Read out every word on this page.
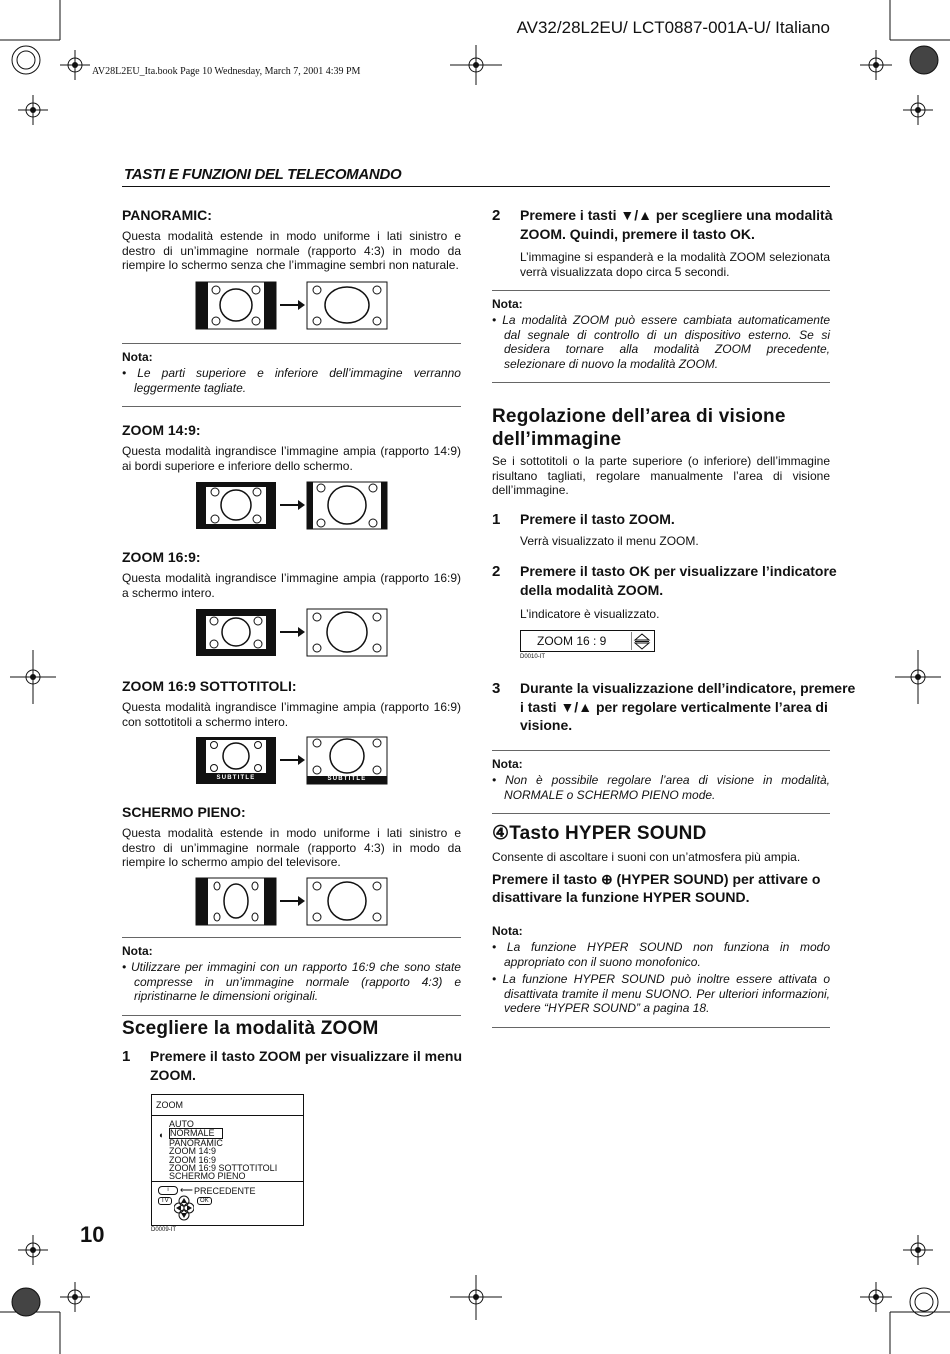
AV32/28L2EU/ LCT0887-001A-U/ Italiano
AV28L2EU_Ita.book Page 10 Wednesday, March 7, 2001 4:39 PM
TASTI E FUNZIONI DEL TELECOMANDO
PANORAMIC:

Questa modalità estende in modo uniforme i lati sinistro e destro di un’immagine normale (rapporto 4:3) in modo da riempire lo schermo senza che l’immagine sembri non naturale.

Nota:
• Le parti superiore e inferiore dell’immagine verranno leggermente tagliate.
ZOOM 14:9:

Questa modalità ingrandisce l’immagine ampia (rapporto 14:9) ai bordi superiore e inferiore dello schermo.

ZOOM 16:9:

Questa modalità ingrandisce l’immagine ampia (rapporto 16:9) a schermo intero.

ZOOM 16:9 SOTTOTITOLI:

Questa modalità ingrandisce l’immagine ampia (rapporto 16:9) con sottotitoli a schermo intero.

SUBTITLE	SUBTITLE
SCHERMO PIENO:

Questa modalità estende in modo uniforme i lati sinistro e destro di un’immagine normale (rapporto 4:3) in modo da riempire lo schermo ampio del televisore.

Nota:
• Utilizzare per immagini con un rapporto 16:9 che sono state compresse in un’immagine normale (rapporto 4:3) e ripristinarne le dimensioni originali.
Scegliere la modalità ZOOM
1 Premere il tasto ZOOM per visualizzare il menu ZOOM.
ZOOM
◖
AUTO
NORMALE
PANORAMIC
ZOOM 14:9
ZOOM 16:9
ZOOM 16:9 SOTTOTITOLI
SCHERMO PIENO
i	⟵ PRECEDENTE
TV	OK
D0009-IT
10
2 Premere i tasti ▼/▲ per scegliere una modalità ZOOM. Quindi, premere il tasto OK.
L’immagine si espanderà e la modalità ZOOM selezionata verrà visualizzata dopo circa 5 secondi.
Nota:
• La modalità ZOOM può essere cambiata automaticamente dal segnale di controllo di un dispositivo esterno. Se si desidera tornare alla modalità ZOOM precedente, selezionare di nuovo la modalità ZOOM.
Regolazione dell’area di visione dell’immagine

Se i sottotitoli o la parte superiore (o inferiore) dell’immagine risultano tagliati, regolare manualmente l’area di visione dell’immagine.

1 Premere il tasto ZOOM.
Verrà visualizzato il menu ZOOM.
2 Premere il tasto OK per visualizzare l’indicatore della modalità ZOOM.
L’indicatore è visualizzato.
ZOOM 16 : 9
D0010-IT
3 Durante la visualizzazione dell’indicatore, premere i tasti ▼/▲ per regolare verticalmente l’area di visione.
Nota:
• Non è possibile regolare l’area di visione in modalità, NORMALE o SCHERMO PIENO mode.
④Tasto HYPER SOUND

Consente di ascoltare i suoni con un’atmosfera più ampia.

Premere il tasto ⊕ (HYPER SOUND) per attivare o disattivare la funzione HYPER SOUND.
Nota:
• La funzione HYPER SOUND non funziona in modo appropriato con il suono monofonico.
• La funzione HYPER SOUND può inoltre essere attivata o disattivata tramite il menu SUONO. Per ulteriori informazioni, vedere “HYPER SOUND” a pagina 18.
